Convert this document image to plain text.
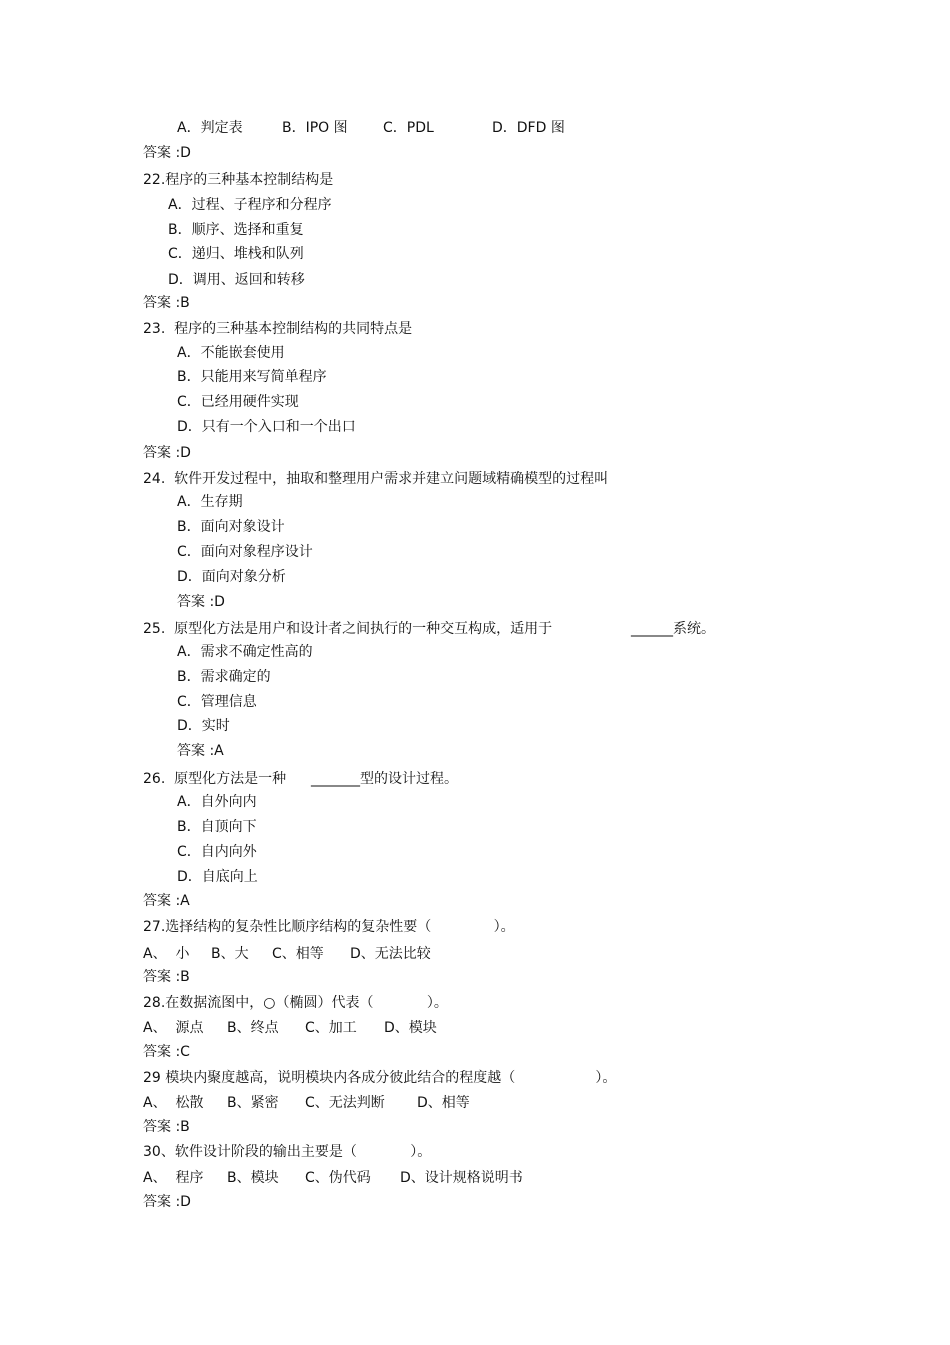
A．判定表	B．IPO 图	C．PDL	D．DFD 图
答案 :D
22.程序的三种基本控制结构是
A．过程、子程序和分程序
B．顺序、选择和重复
C．递归、堆栈和队列
D．调用、返回和转移
答案 :B
23.  程序的三种基本控制结构的共同特点是
A．不能嵌套使用
B．只能用来写简单程序
C．已经用硬件实现
D．只有一个入口和一个出口
答案 :D
24.  软件开发过程中，抽取和整理用户需求并建立问题域精确模型的过程叫
A．生存期
B．面向对象设计
C．面向对象程序设计
D．面向对象分析
答案 :D
25.  原型化方法是用户和设计者之间执行的一种交互构成，适用于	______系统。
A．需求不确定性高的
B．需求确定的
C．管理信息
D．实时
答案 :A
26.  原型化方法是一种 _______型的设计过程。
A．自外向内
B．自顶向下
C．自内向外
D．自底向上
答案 :A
27.选择结构的复杂性比顺序结构的复杂性要（              ）。
A、  小 B、大 C、相等 D、无法比较
答案 :B
28.在数据流图中，○（椭圆）代表（            ）。
A、  源点 B、终点 C、加工 D、模块
答案 :C
29 模块内聚度越高，说明模块内各成分彼此结合的程度越（                  ）。
A、  松散 B、紧密 C、无法判断 D、相等
答案 :B
30、软件设计阶段的输出主要是（            ）。
A、  程序 B、模块 C、伪代码 D、设计规格说明书
答案 :D
